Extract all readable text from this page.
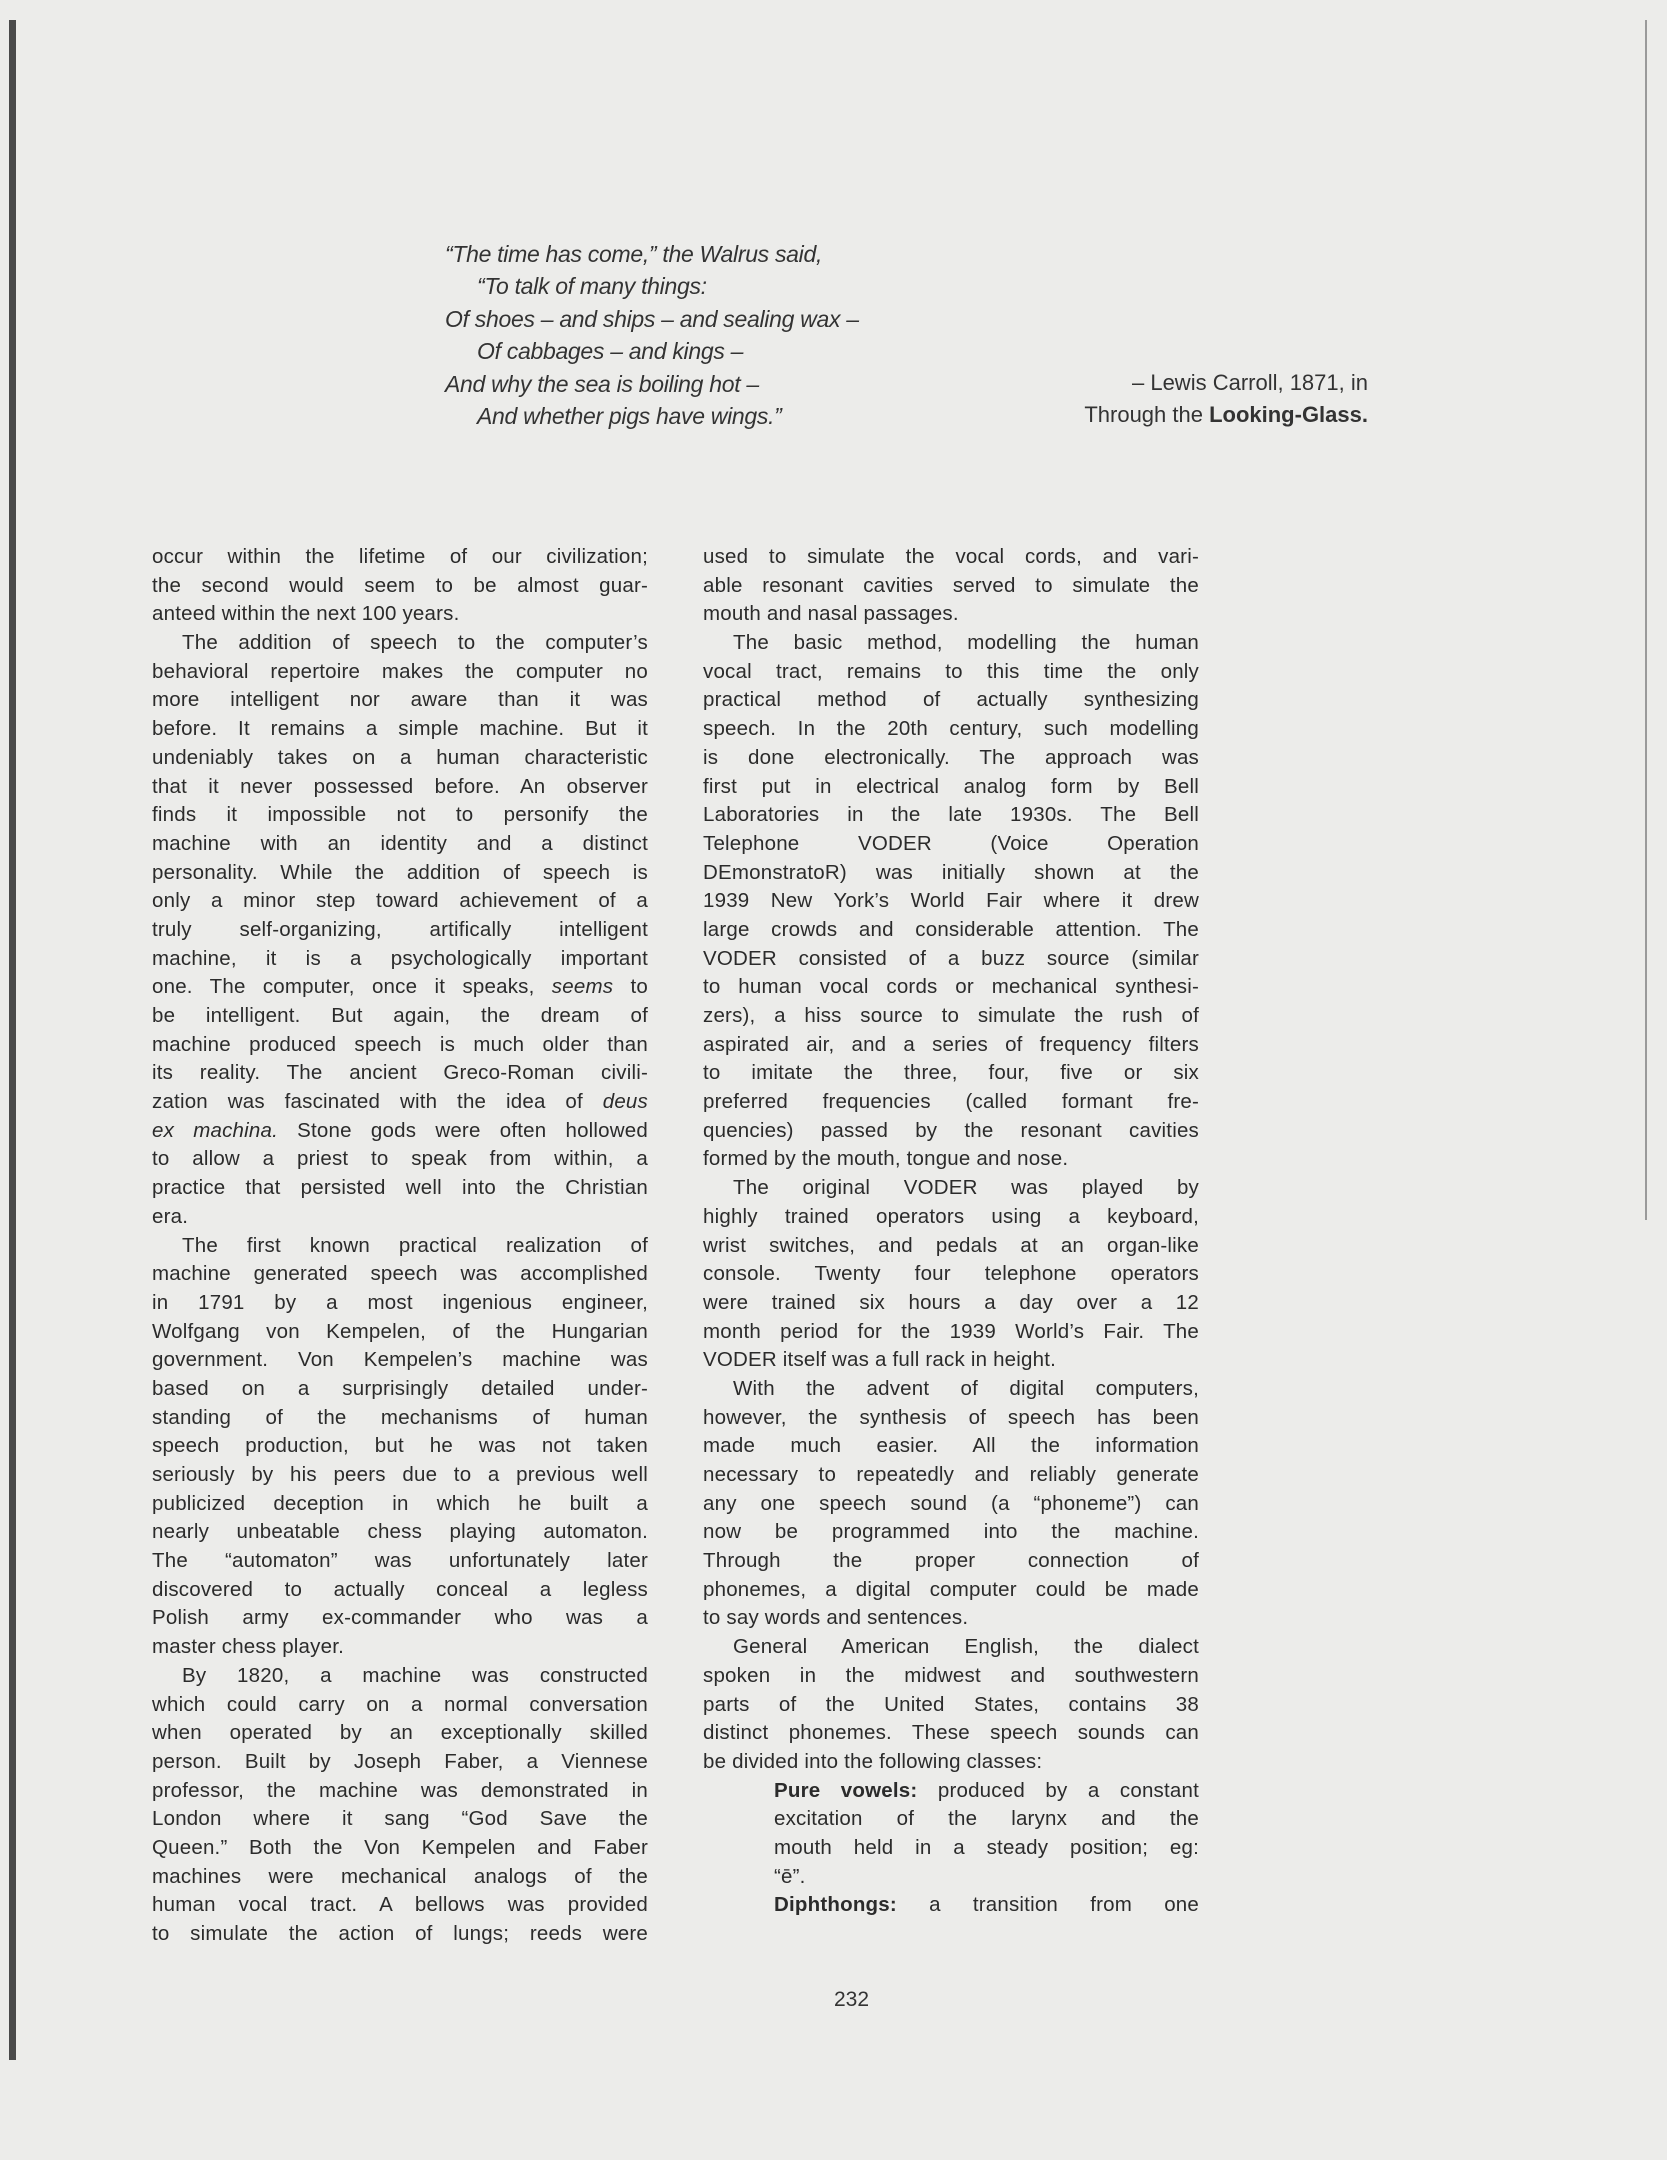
“The time has come,” the Walrus said,
“To talk of many things:
Of shoes – and ships – and sealing wax –
Of cabbages – and kings –
And why the sea is boiling hot –
And whether pigs have wings.”
– Lewis Carroll, 1871, in
Through the Looking-Glass.
occur within the lifetime of our civilization;
the second would seem to be almost guar-
anteed within the next 100 years.
The addition of speech to the computer’s
behavioral repertoire makes the computer no
more intelligent nor aware than it was
before. It remains a simple machine. But it
undeniably takes on a human characteristic
that it never possessed before. An observer
finds it impossible not to personify the
machine with an identity and a distinct
personality. While the addition of speech is
only a minor step toward achievement of a
truly self-organizing, artifically intelligent
machine, it is a psychologically important
one. The computer, once it speaks, seems to
be intelligent. But again, the dream of
machine produced speech is much older than
its reality. The ancient Greco-Roman civili-
zation was fascinated with the idea of deus
ex machina. Stone gods were often hollowed
to allow a priest to speak from within, a
practice that persisted well into the Christian
era.
The first known practical realization of
machine generated speech was accomplished
in 1791 by a most ingenious engineer,
Wolfgang von Kempelen, of the Hungarian
government. Von Kempelen’s machine was
based on a surprisingly detailed under-
standing of the mechanisms of human
speech production, but he was not taken
seriously by his peers due to a previous well
publicized deception in which he built a
nearly unbeatable chess playing automaton.
The “automaton” was unfortunately later
discovered to actually conceal a legless
Polish army ex-commander who was a
master chess player.
By 1820, a machine was constructed
which could carry on a normal conversation
when operated by an exceptionally skilled
person. Built by Joseph Faber, a Viennese
professor, the machine was demonstrated in
London where it sang “God Save the
Queen.” Both the Von Kempelen and Faber
machines were mechanical analogs of the
human vocal tract. A bellows was provided
to simulate the action of lungs; reeds were
used to simulate the vocal cords, and vari-
able resonant cavities served to simulate the
mouth and nasal passages.
The basic method, modelling the human
vocal tract, remains to this time the only
practical method of actually synthesizing
speech. In the 20th century, such modelling
is done electronically. The approach was
first put in electrical analog form by Bell
Laboratories in the late 1930s. The Bell
Telephone VODER (Voice Operation
DEmonstratoR) was initially shown at the
1939 New York’s World Fair where it drew
large crowds and considerable attention. The
VODER consisted of a buzz source (similar
to human vocal cords or mechanical synthesi-
zers), a hiss source to simulate the rush of
aspirated air, and a series of frequency filters
to imitate the three, four, five or six
preferred frequencies (called formant fre-
quencies) passed by the resonant cavities
formed by the mouth, tongue and nose.
The original VODER was played by
highly trained operators using a keyboard,
wrist switches, and pedals at an organ-like
console. Twenty four telephone operators
were trained six hours a day over a 12
month period for the 1939 World’s Fair. The
VODER itself was a full rack in height.
With the advent of digital computers,
however, the synthesis of speech has been
made much easier. All the information
necessary to repeatedly and reliably generate
any one speech sound (a “phoneme”) can
now be programmed into the machine.
Through the proper connection of
phonemes, a digital computer could be made
to say words and sentences.
General American English, the dialect
spoken in the midwest and southwestern
parts of the United States, contains 38
distinct phonemes. These speech sounds can
be divided into the following classes:
Pure vowels: produced by a constant
excitation of the larynx and the
mouth held in a steady position; eg:
“ē”.
Diphthongs: a transition from one
232
